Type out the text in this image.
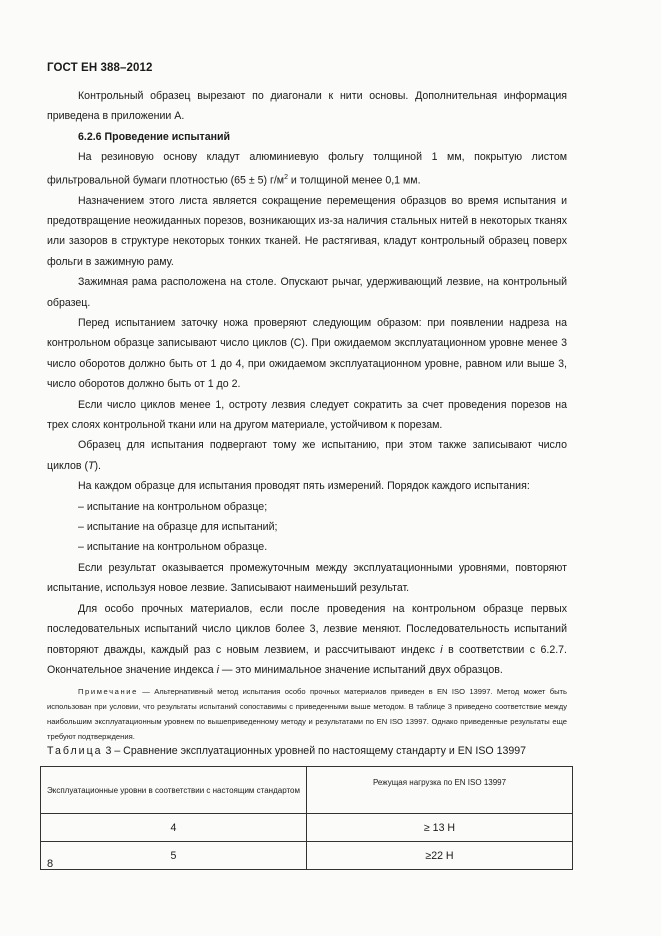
ГОСТ ЕН 388–2012

Контрольный образец вырезают по диагонали к нити основы. Дополнительная информация приведена в приложении А.

6.2.6 Проведение испытаний

На резиновую основу кладут алюминиевую фольгу толщиной 1 мм, покрытую листом фильтровальной бумаги плотностью (65 ± 5) $г/м^2$ и толщиной менее 0,1 мм.

Назначением этого листа является сокращение перемещения образцов во время испытания и предотвращение неожиданных порезов, возникающих из-за наличия стальных нитей в некоторых тканях или зазоров в структуре некоторых тонких тканей. Не растягивая, кладут контрольный образец поверх фольги в зажимную раму.

Зажимная рама расположена на столе. Опускают рычаг, удерживающий лезвие, на контрольный образец.

Перед испытанием заточку ножа проверяют следующим образом: при появлении надреза на контрольном образце записывают число циклов (С). При ожидаемом эксплуатационном уровне менее 3 число оборотов должно быть от 1 до 4, при ожидаемом эксплуатационном уровне, равном или выше 3, число оборотов должно быть от 1 до 2.

Если число циклов менее 1, остроту лезвия следует сократить за счет проведения порезов на трех слоях контрольной ткани или на другом материале, устойчивом к порезам.

Образец для испытания подвергают тому же испытанию, при этом также записывают число циклов (T).

На каждом образце для испытания проводят пять измерений. Порядок каждого испытания:

– испытание на контрольном образце;

– испытание на образце для испытаний;

– испытание на контрольном образце.

Если результат оказывается промежуточным между эксплуатационными уровнями, повторяют испытание, используя новое лезвие. Записывают наименьший результат.

Для особо прочных материалов, если после проведения на контрольном образце первых последовательных испытаний число циклов более 3, лезвие меняют. Последовательность испытаний повторяют дважды, каждый раз с новым лезвием, и рассчитывают индекс i в соответствии с 6.2.7. Окончательное значение индекса i — это минимальное значение испытаний двух образцов.

Примечание — Альтернативный метод испытания особо прочных материалов приведен в EN ISO 13997. Метод может быть использован при условии, что результаты испытаний сопоставимы с приведенными выше методом. В таблице 3 приведено соответствие между наибольшим эксплуатационным уровнем по вышеприведенному методу и результатами по EN ISO 13997. Однако приведенные результаты еще требуют подтверждения.

Таблица 3 – Сравнение эксплуатационных уровней по настоящему стандарту и EN ISO 13997
Эксплуатационные уровни в соответствии с настоящим стандартом	Режущая нагрузка по EN ISO 13997
4	≥ 13 Н
5	≥22 Н
8
